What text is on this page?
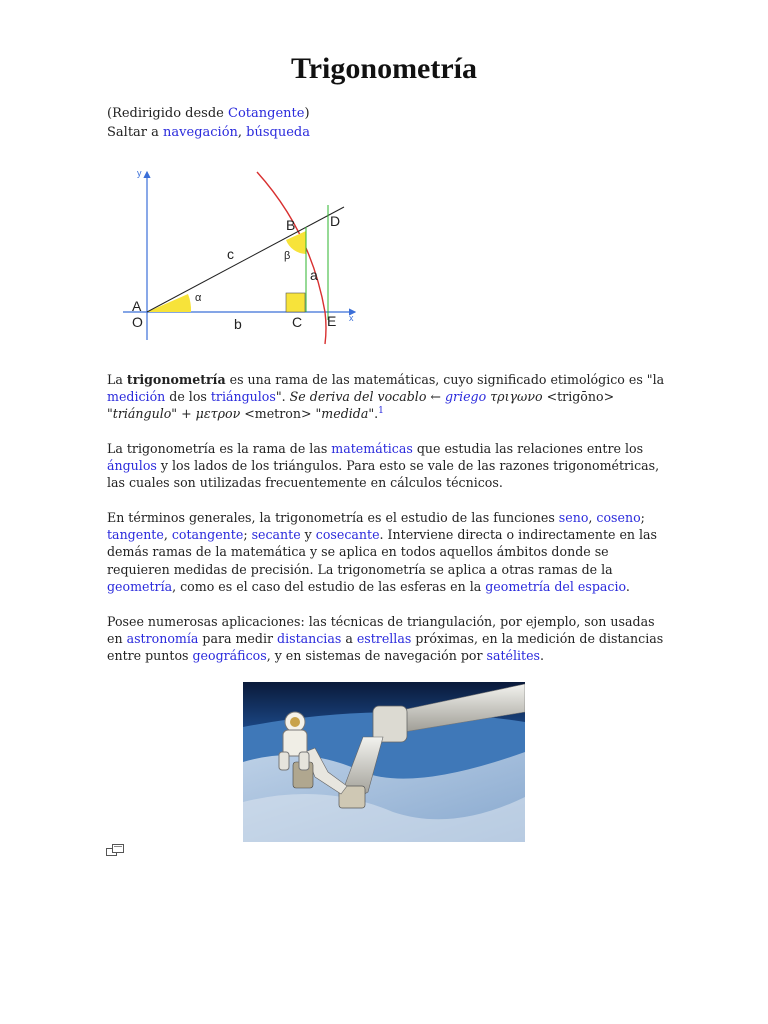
Trigonometría
(Redirigido desde Cotangente)
Saltar a navegación, búsqueda
y
x
A
O
B D
C E
a
b
c
α
β

La trigonometría es una rama de las matemáticas, cuyo significado etimológico es "la medición de los triángulos". Se deriva del vocablo ← griego τριγωνο <trigōno> "triángulo" + μετρον <metron> "medida".$^1$

La trigonometría es la rama de las matemáticas que estudia las relaciones entre los ángulos y los lados de los triángulos. Para esto se vale de las razones trigonométricas, las cuales son utilizadas frecuentemente en cálculos técnicos.

En términos generales, la trigonometría es el estudio de las funciones seno, coseno; tangente, cotangente; secante y cosecante. Interviene directa o indirectamente en las demás ramas de la matemática y se aplica en todos aquellos ámbitos donde se requieren medidas de precisión. La trigonometría se aplica a otras ramas de la geometría, como es el caso del estudio de las esferas en la geometría del espacio.

Posee numerosas aplicaciones: las técnicas de triangulación, por ejemplo, son usadas en astronomía para medir distancias a estrellas próximas, en la medición de distancias entre puntos geográficos, y en sistemas de navegación por satélites.
